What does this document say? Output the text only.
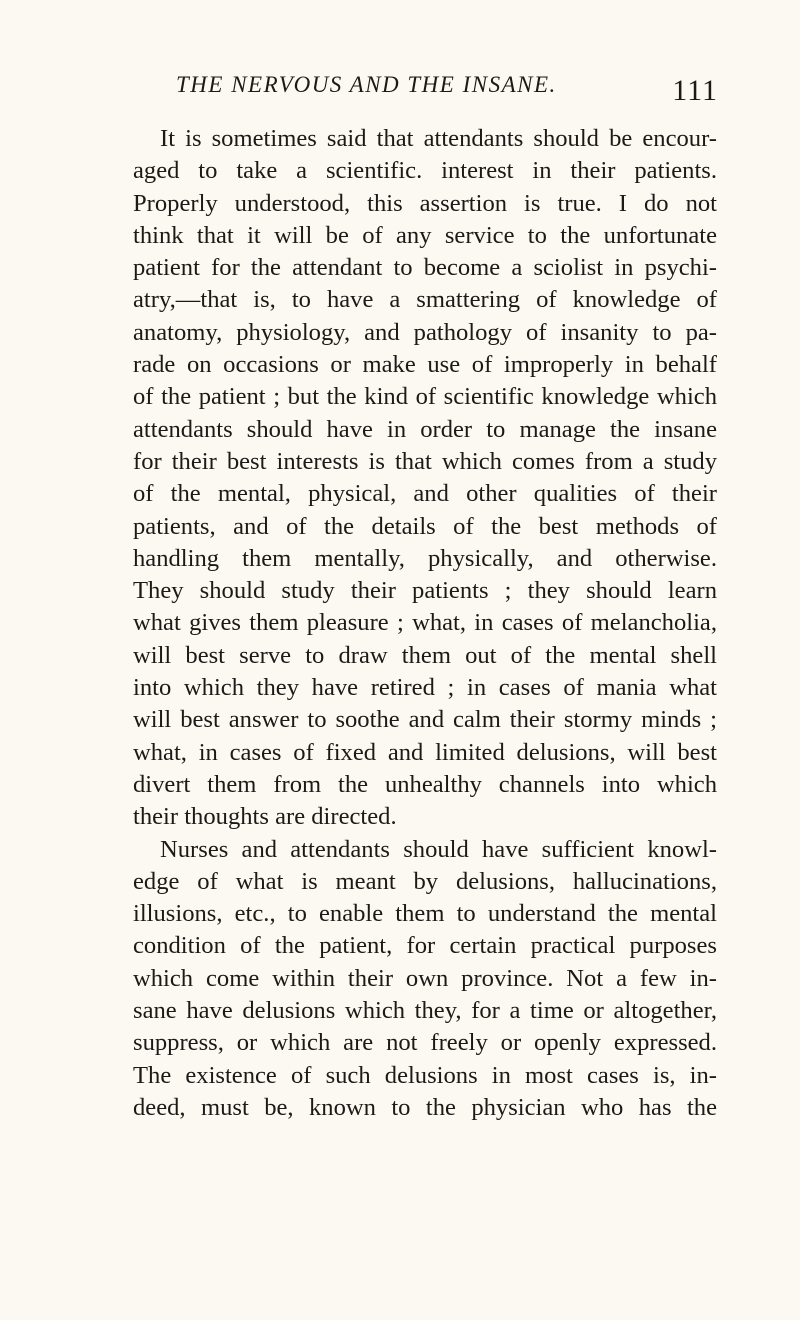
THE NERVOUS AND THE INSANE.	111
It is sometimes said that attendants should be encour-
aged to take a scientific. interest in their patients.
Properly understood, this assertion is true. I do not
think that it will be of any service to the unfortunate
patient for the attendant to become a sciolist in psychi-
atry,—that is, to have a smattering of knowledge of
anatomy, physiology, and pathology of insanity to pa-
rade on occasions or make use of improperly in behalf
of the patient ; but the kind of scientific knowledge which
attendants should have in order to manage the insane
for their best interests is that which comes from a study
of the mental, physical, and other qualities of their
patients, and of the details of the best methods of
handling them mentally, physically, and otherwise.
They should study their patients ; they should learn
what gives them pleasure ; what, in cases of melancholia,
will best serve to draw them out of the mental shell
into which they have retired ; in cases of mania what
will best answer to soothe and calm their stormy minds ;
what, in cases of fixed and limited delusions, will best
divert them from the unhealthy channels into which
their thoughts are directed.
Nurses and attendants should have sufficient knowl-
edge of what is meant by delusions, hallucinations,
illusions, etc., to enable them to understand the mental
condition of the patient, for certain practical purposes
which come within their own province. Not a few in-
sane have delusions which they, for a time or altogether,
suppress, or which are not freely or openly expressed.
The existence of such delusions in most cases is, in-
deed, must be, known to the physician who has the
